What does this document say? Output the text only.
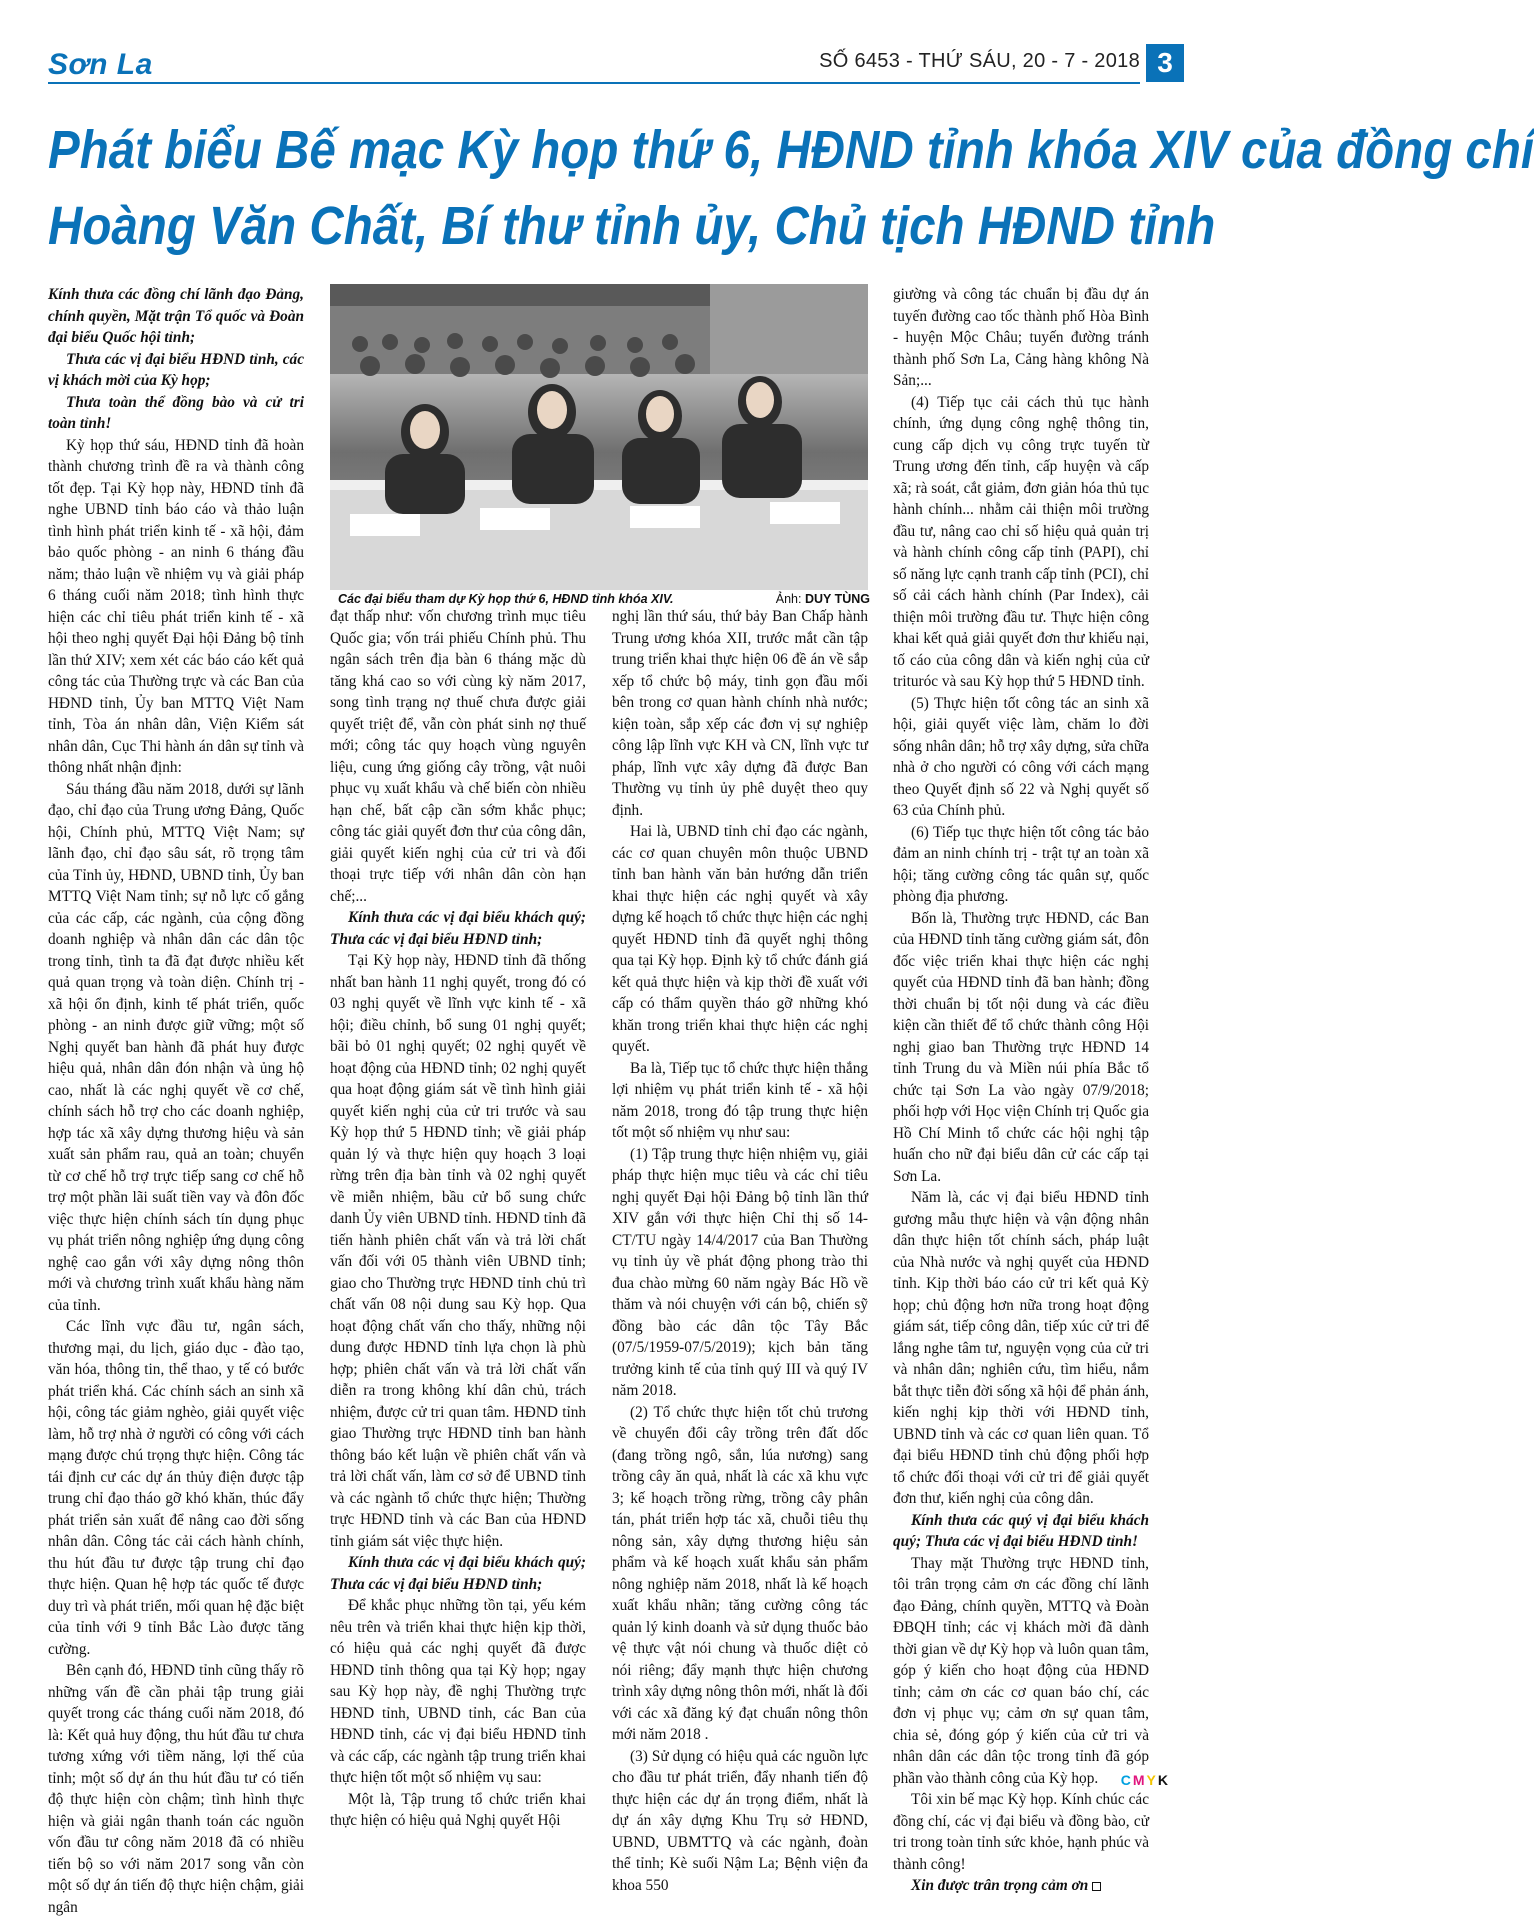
Sơn La	SỐ 6453 - THỨ SÁU, 20 - 7 - 2018 3
Phát biểu Bế mạc Kỳ họp thứ 6, HĐND tỉnh khóa XIV của đồng chí
Hoàng Văn Chất, Bí thư tỉnh ủy, Chủ tịch HĐND tỉnh

Kính thưa các đồng chí lãnh đạo Đảng, chính quyền, Mặt trận Tổ quốc và Đoàn đại biểu Quốc hội tỉnh;

Thưa các vị đại biểu HĐND tỉnh, các vị khách mời của Kỳ họp;

Thưa toàn thể đồng bào và cử tri toàn tỉnh!

Kỳ họp thứ sáu, HĐND tỉnh đã hoàn thành chương trình đề ra và thành công tốt đẹp. Tại Kỳ họp này, HĐND tỉnh đã nghe UBND tỉnh báo cáo và thảo luận tình hình phát triển kinh tế - xã hội, đảm bảo quốc phòng - an ninh 6 tháng đầu năm; thảo luận về nhiệm vụ và giải pháp 6 tháng cuối năm 2018; tình hình thực hiện các chỉ tiêu phát triển kinh tế - xã hội theo nghị quyết Đại hội Đảng bộ tỉnh lần thứ XIV; xem xét các báo cáo kết quả công tác của Thường trực và các Ban của HĐND tỉnh, Ủy ban MTTQ Việt Nam tỉnh, Tòa án nhân dân, Viện Kiểm sát nhân dân, Cục Thi hành án dân sự tỉnh và thông nhất nhận định:

Sáu tháng đầu năm 2018, dưới sự lãnh đạo, chỉ đạo của Trung ương Đảng, Quốc hội, Chính phủ, MTTQ Việt Nam; sự lãnh đạo, chỉ đạo sâu sát, rõ trọng tâm của Tỉnh ủy, HĐND, UBND tỉnh, Ủy ban MTTQ Việt Nam tỉnh; sự nỗ lực cố gắng của các cấp, các ngành, của cộng đồng doanh nghiệp và nhân dân các dân tộc trong tỉnh, tình ta đã đạt được nhiều kết quả quan trọng và toàn diện. Chính trị - xã hội ổn định, kinh tế phát triển, quốc phòng - an ninh được giữ vững; một số Nghị quyết ban hành đã phát huy được hiệu quả, nhân dân đón nhận và ủng hộ cao, nhất là các nghị quyết về cơ chế, chính sách hỗ trợ cho các doanh nghiệp, hợp tác xã xây dựng thương hiệu và sản xuất sản phẩm rau, quả an toàn; chuyển từ cơ chế hỗ trợ trực tiếp sang cơ chế hỗ trợ một phần lãi suất tiền vay và đôn đốc việc thực hiện chính sách tín dụng phục vụ phát triển nông nghiệp ứng dụng công nghệ cao gắn với xây dựng nông thôn mới và chương trình xuất khẩu hàng năm của tỉnh.

Các lĩnh vực đầu tư, ngân sách, thương mại, du lịch, giáo dục - đào tạo, văn hóa, thông tin, thể thao, y tế có bước phát triển khá. Các chính sách an sinh xã hội, công tác giảm nghèo, giải quyết việc làm, hỗ trợ nhà ở người có công với cách mạng được chú trọng thực hiện. Công tác tái định cư các dự án thủy điện được tập trung chỉ đạo tháo gỡ khó khăn, thúc đẩy phát triển sản xuất để nâng cao đời sống nhân dân. Công tác cải cách hành chính, thu hút đầu tư được tập trung chỉ đạo thực hiện. Quan hệ hợp tác quốc tế được duy trì và phát triển, mối quan hệ đặc biệt của tỉnh với 9 tỉnh Bắc Lào được tăng cường.

Bên cạnh đó, HĐND tỉnh cũng thấy rõ những vấn đề cần phải tập trung giải quyết trong các tháng cuối năm 2018, đó là: Kết quả huy động, thu hút đầu tư chưa tương xứng với tiềm năng, lợi thế của tỉnh; một số dự án thu hút đầu tư có tiến độ thực hiện còn chậm; tình hình thực hiện và giải ngân thanh toán các nguồn vốn đầu tư công năm 2018 đã có nhiều tiến bộ so với năm 2017 song vẫn còn một số dự án tiến độ thực hiện chậm, giải ngân

Các đại biểu tham dự Kỳ họp thứ 6, HĐND tỉnh khóa XIV.	Ảnh: DUY TÙNG

đạt thấp như: vốn chương trình mục tiêu Quốc gia; vốn trái phiếu Chính phủ. Thu ngân sách trên địa bàn 6 tháng mặc dù tăng khá cao so với cùng kỳ năm 2017, song tình trạng nợ thuế chưa được giải quyết triệt để, vẫn còn phát sinh nợ thuế mới; công tác quy hoạch vùng nguyên liệu, cung ứng giống cây trồng, vật nuôi phục vụ xuất khẩu và chế biến còn nhiều hạn chế, bất cập cần sớm khắc phục; công tác giải quyết đơn thư của công dân, giải quyết kiến nghị của cử tri và đối thoại trực tiếp với nhân dân còn hạn chế;...

Kính thưa các vị đại biểu khách quý; Thưa các vị đại biểu HĐND tỉnh;

Tại Kỳ họp này, HĐND tỉnh đã thống nhất ban hành 11 nghị quyết, trong đó có 03 nghị quyết về lĩnh vực kinh tế - xã hội; điều chỉnh, bổ sung 01 nghị quyết; bãi bỏ 01 nghị quyết; 02 nghị quyết về hoạt động của HĐND tỉnh; 02 nghị quyết qua hoạt động giám sát về tình hình giải quyết kiến nghị của cử tri trước và sau Kỳ họp thứ 5 HĐND tỉnh; về giải pháp quản lý và thực hiện quy hoạch 3 loại rừng trên địa bàn tỉnh và 02 nghị quyết về miễn nhiệm, bầu cử bổ sung chức danh Ủy viên UBND tỉnh. HĐND tỉnh đã tiến hành phiên chất vấn và trả lời chất vấn đối với 05 thành viên UBND tỉnh; giao cho Thường trực HĐND tỉnh chủ trì chất vấn 08 nội dung sau Kỳ họp. Qua hoạt động chất vấn cho thấy, những nội dung được HĐND tỉnh lựa chọn là phù hợp; phiên chất vấn và trả lời chất vấn diễn ra trong không khí dân chủ, trách nhiệm, được cử tri quan tâm. HĐND tỉnh giao Thường trực HĐND tỉnh ban hành thông báo kết luận về phiên chất vấn và trả lời chất vấn, làm cơ sở để UBND tỉnh và các ngành tổ chức thực hiện; Thường trực HĐND tỉnh và các Ban của HĐND tỉnh giám sát việc thực hiện.

Kính thưa các vị đại biểu khách quý; Thưa các vị đại biểu HĐND tỉnh;

Để khắc phục những tồn tại, yếu kém nêu trên và triển khai thực hiện kịp thời, có hiệu quả các nghị quyết đã được HĐND tỉnh thông qua tại Kỳ họp; ngay sau Kỳ họp này, đề nghị Thường trực HĐND tỉnh, UBND tỉnh, các Ban của HĐND tỉnh, các vị đại biểu HĐND tỉnh và các cấp, các ngành tập trung triển khai thực hiện tốt một số nhiệm vụ sau:

Một là, Tập trung tổ chức triển khai thực hiện có hiệu quả Nghị quyết Hội

nghị lần thứ sáu, thứ bảy Ban Chấp hành Trung ương khóa XII, trước mắt cần tập trung triển khai thực hiện 06 đề án về sắp xếp tổ chức bộ máy, tinh gọn đầu mối bên trong cơ quan hành chính nhà nước; kiện toàn, sắp xếp các đơn vị sự nghiệp công lập lĩnh vực KH và CN, lĩnh vực tư pháp, lĩnh vực xây dựng đã được Ban Thường vụ tỉnh ủy phê duyệt theo quy định.

Hai là, UBND tỉnh chỉ đạo các ngành, các cơ quan chuyên môn thuộc UBND tỉnh ban hành văn bản hướng dẫn triển khai thực hiện các nghị quyết và xây dựng kế hoạch tổ chức thực hiện các nghị quyết HĐND tỉnh đã quyết nghị thông qua tại Kỳ họp. Định kỳ tổ chức đánh giá kết quả thực hiện và kịp thời đề xuất với cấp có thẩm quyền tháo gỡ những khó khăn trong triển khai thực hiện các nghị quyết.

Ba là, Tiếp tục tổ chức thực hiện thắng lợi nhiệm vụ phát triển kinh tế - xã hội năm 2018, trong đó tập trung thực hiện tốt một số nhiệm vụ như sau:

(1) Tập trung thực hiện nhiệm vụ, giải pháp thực hiện mục tiêu và các chỉ tiêu nghị quyết Đại hội Đảng bộ tỉnh lần thứ XIV gắn với thực hiện Chỉ thị số 14-CT/TU ngày 14/4/2017 của Ban Thường vụ tỉnh ủy về phát động phong trào thi đua chào mừng 60 năm ngày Bác Hồ về thăm và nói chuyện với cán bộ, chiến sỹ đồng bào các dân tộc Tây Bắc (07/5/1959-07/5/2019); kịch bản tăng trưởng kinh tế của tỉnh quý III và quý IV năm 2018.

(2) Tổ chức thực hiện tốt chủ trương về chuyển đổi cây trồng trên đất dốc (đang trồng ngô, sắn, lúa nương) sang trồng cây ăn quả, nhất là các xã khu vực 3; kế hoạch trồng rừng, trồng cây phân tán, phát triển hợp tác xã, chuỗi tiêu thụ nông sản, xây dựng thương hiệu sản phẩm và kế hoạch xuất khẩu sản phẩm nông nghiệp năm 2018, nhất là kế hoạch xuất khẩu nhãn; tăng cường công tác quản lý kinh doanh và sử dụng thuốc bảo vệ thực vật nói chung và thuốc diệt cỏ nói riêng; đẩy mạnh thực hiện chương trình xây dựng nông thôn mới, nhất là đối với các xã đăng ký đạt chuẩn nông thôn mới năm 2018 .

(3) Sử dụng có hiệu quả các nguồn lực cho đầu tư phát triển, đẩy nhanh tiến độ thực hiện các dự án trọng điểm, nhất là dự án xây dựng Khu Trụ sở HĐND, UBND, UBMTTQ và các ngành, đoàn thể tỉnh; Kè suối Nậm La; Bệnh viện đa khoa 550

giường và công tác chuẩn bị đầu dự án tuyến đường cao tốc thành phố Hòa Bình - huyện Mộc Châu; tuyến đường tránh thành phố Sơn La, Cảng hàng không Nà Sản;...

(4) Tiếp tục cải cách thủ tục hành chính, ứng dụng công nghệ thông tin, cung cấp dịch vụ công trực tuyến từ Trung ương đến tỉnh, cấp huyện và cấp xã; rà soát, cắt giảm, đơn giản hóa thủ tục hành chính... nhằm cải thiện môi trường đầu tư, nâng cao chỉ số hiệu quả quản trị và hành chính công cấp tỉnh (PAPI), chỉ số năng lực cạnh tranh cấp tỉnh (PCI), chỉ số cải cách hành chính (Par Index), cải thiện môi trường đầu tư. Thực hiện công khai kết quả giải quyết đơn thư khiếu nại, tố cáo của công dân và kiến nghị của cử trituróc và sau Kỳ họp thứ 5 HĐND tỉnh.

(5) Thực hiện tốt công tác an sinh xã hội, giải quyết việc làm, chăm lo đời sống nhân dân; hỗ trợ xây dựng, sửa chữa nhà ở cho người có công với cách mạng theo Quyết định số 22 và Nghị quyết số 63 của Chính phủ.

(6) Tiếp tục thực hiện tốt công tác bảo đảm an ninh chính trị - trật tự an toàn xã hội; tăng cường công tác quân sự, quốc phòng địa phương.

Bốn là, Thường trực HĐND, các Ban của HĐND tỉnh tăng cường giám sát, đôn đốc việc triển khai thực hiện các nghị quyết của HĐND tỉnh đã ban hành; đồng thời chuẩn bị tốt nội dung và các điều kiện cần thiết để tổ chức thành công Hội nghị giao ban Thường trực HĐND 14 tỉnh Trung du và Miền núi phía Bắc tổ chức tại Sơn La vào ngày 07/9/2018; phối hợp với Học viện Chính trị Quốc gia Hồ Chí Minh tổ chức các hội nghị tập huấn cho nữ đại biểu dân cử các cấp tại Sơn La.

Năm là, các vị đại biểu HĐND tỉnh gương mẫu thực hiện và vận động nhân dân thực hiện tốt chính sách, pháp luật của Nhà nước và nghị quyết của HĐND tỉnh. Kịp thời báo cáo cử tri kết quả Kỳ họp; chủ động hơn nữa trong hoạt động giám sát, tiếp công dân, tiếp xúc cử tri để lắng nghe tâm tư, nguyện vọng của cử tri và nhân dân; nghiên cứu, tìm hiểu, nắm bắt thực tiễn đời sống xã hội để phản ánh, kiến nghị kịp thời với HĐND tỉnh, UBND tỉnh và các cơ quan liên quan. Tổ đại biểu HĐND tỉnh chủ động phối hợp tổ chức đối thoại với cử tri để giải quyết đơn thư, kiến nghị của công dân.

Kính thưa các quý vị đại biểu khách quý; Thưa các vị đại biểu HĐND tỉnh!

Thay mặt Thường trực HĐND tỉnh, tôi trân trọng cảm ơn các đồng chí lãnh đạo Đảng, chính quyền, MTTQ và Đoàn ĐBQH tỉnh; các vị khách mời đã dành thời gian về dự Kỳ họp và luôn quan tâm, góp ý kiến cho hoạt động của HĐND tỉnh; cảm ơn các cơ quan báo chí, các đơn vị phục vụ; cảm ơn sự quan tâm, chia sẻ, đóng góp ý kiến của cử tri và nhân dân các dân tộc trong tỉnh đã góp phần vào thành công của Kỳ họp.

Tôi xin bế mạc Kỳ họp. Kính chúc các đồng chí, các vị đại biểu và đồng bào, cử tri trong toàn tỉnh sức khỏe, hạnh phúc và thành công!

Xin được trân trọng cảm ơn

CMYK
